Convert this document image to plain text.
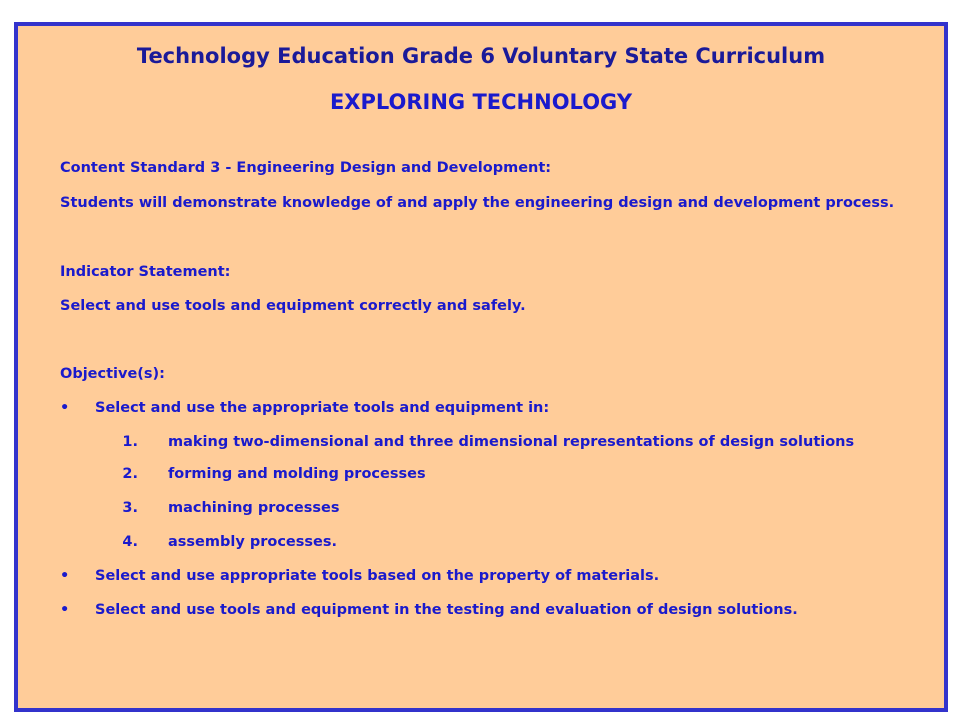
Technology Education Grade 6 Voluntary State Curriculum
EXPLORING TECHNOLOGY

Content Standard 3 - Engineering Design and Development:

Students will demonstrate knowledge of and apply the engineering design and development process.

Indicator Statement:

Select and use tools and equipment correctly and safely.

Objective(s):

• Select and use the appropriate tools and equipment in:

1. making two-dimensional and three dimensional representations of design solutions

2. forming and molding processes

3. machining processes

4. assembly processes.

• Select and use appropriate tools based on the property of materials.

• Select and use tools and equipment in the testing and evaluation of design solutions.
